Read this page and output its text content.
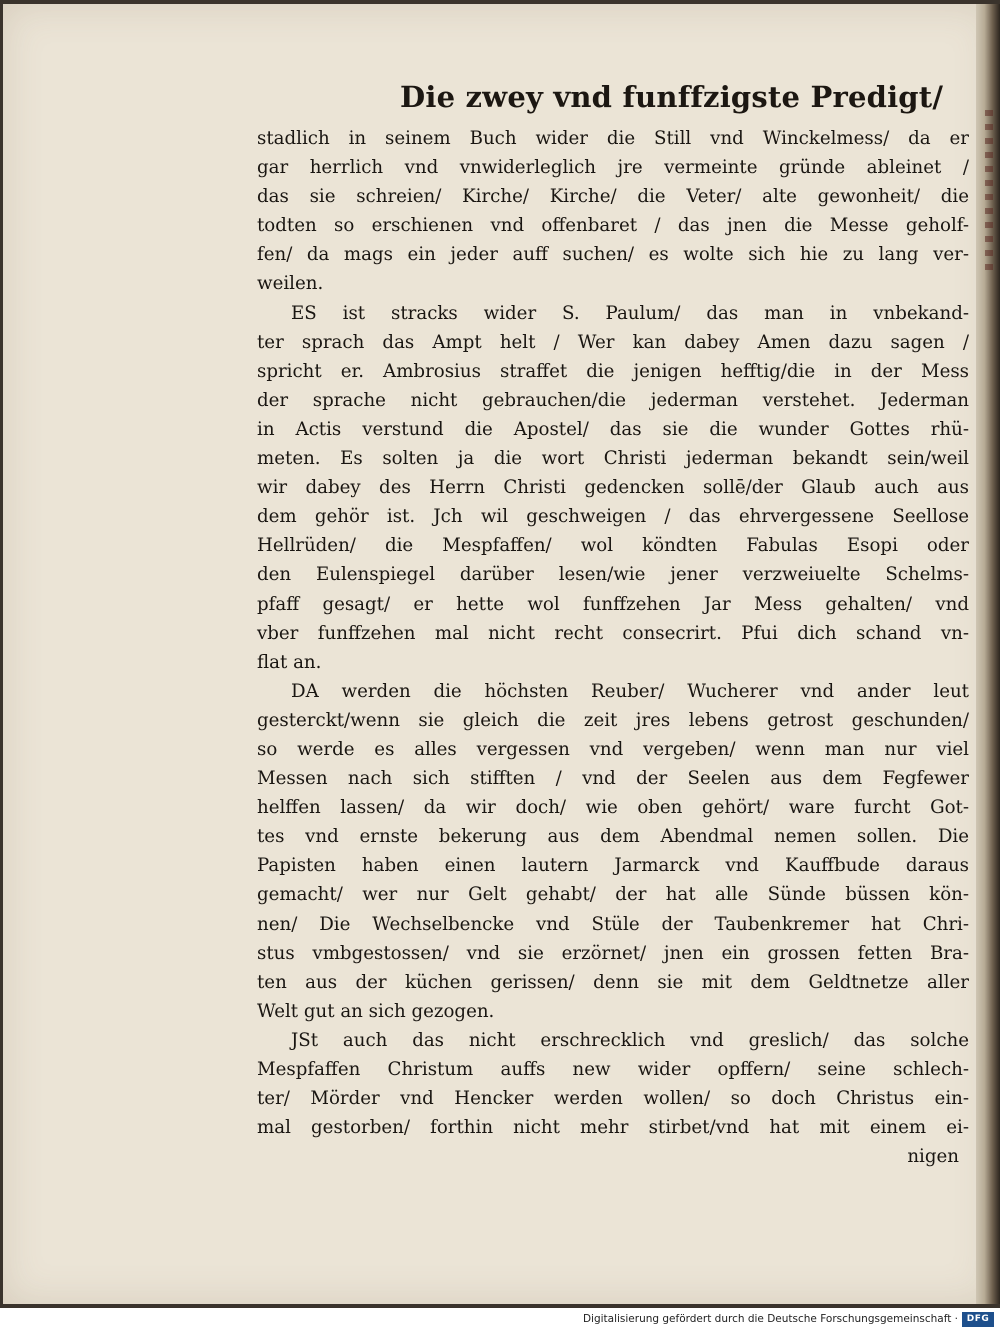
Die zwey vnd funffzigste Predigt/
stadlich in seinem Buch wider die Still vnd Winckelmess/ da er
gar herrlich vnd vnwiderleglich jre vermeinte gründe ableinet /
das sie schreien/ Kirche/ Kirche/ die Veter/ alte gewonheit/ die
todten so erschienen vnd offenbaret / das jnen die Messe geholf-
fen/ da mags ein jeder auff suchen/ es wolte sich hie zu lang ver-
weilen.
ES ist stracks wider S. Paulum/ das man in vnbekand-
ter sprach das Ampt helt / Wer kan dabey Amen dazu sagen /
spricht er. Ambrosius straffet die jenigen hefftig/die in der Mess
der sprache nicht gebrauchen/die jederman verstehet. Jederman
in Actis verstund die Apostel/ das sie die wunder Gottes rhü-
meten. Es solten ja die wort Christi jederman bekandt sein/weil
wir dabey des Herrn Christi gedencken sollē/der Glaub auch aus
dem gehör ist. Jch wil geschweigen / das ehrvergessene Seellose
Hellrüden/ die Mespfaffen/ wol köndten Fabulas Esopi oder
den Eulenspiegel darüber lesen/wie jener verzweiuelte Schelms-
pfaff gesagt/ er hette wol funffzehen Jar Mess gehalten/ vnd
vber funffzehen mal nicht recht consecrirt. Pfui dich schand vn-
flat an.
DA werden die höchsten Reuber/ Wucherer vnd ander leut
gesterckt/wenn sie gleich die zeit jres lebens getrost geschunden/
so werde es alles vergessen vnd vergeben/ wenn man nur viel
Messen nach sich stifften / vnd der Seelen aus dem Fegfewer
helffen lassen/ da wir doch/ wie oben gehört/ ware furcht Got-
tes vnd ernste bekerung aus dem Abendmal nemen sollen. Die
Papisten haben einen lautern Jarmarck vnd Kauffbude daraus
gemacht/ wer nur Gelt gehabt/ der hat alle Sünde büssen kön-
nen/ Die Wechselbencke vnd Stüle der Taubenkremer hat Chri-
stus vmbgestossen/ vnd sie erzörnet/ jnen ein grossen fetten Bra-
ten aus der küchen gerissen/ denn sie mit dem Geldtnetze aller
Welt gut an sich gezogen.
JSt auch das nicht erschrecklich vnd greslich/ das solche
Mespfaffen Christum auffs new wider opffern/ seine schlech-
ter/ Mörder vnd Hencker werden wollen/ so doch Christus ein-
mal gestorben/ forthin nicht mehr stirbet/vnd hat mit einem ei-
nigen
Digitalisierung gefördert durch die Deutsche Forschungsgemeinschaft · DFG
